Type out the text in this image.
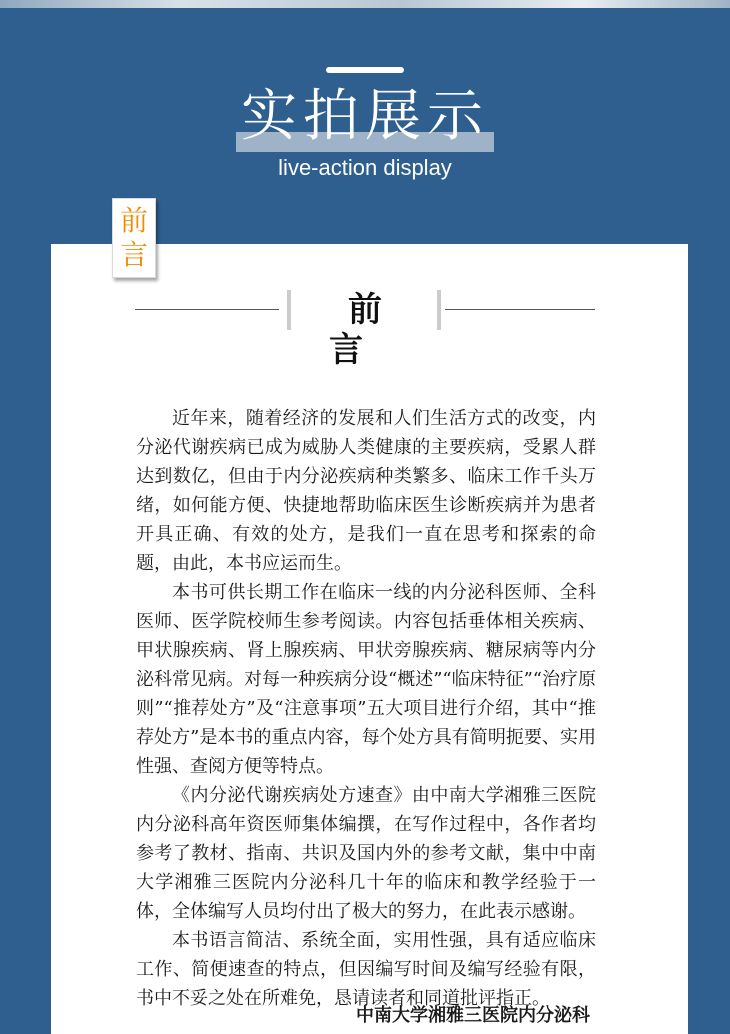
实拍展示
live-action display
前
言
前言

近年来，随着经济的发展和人们生活方式的改变，内分泌代谢疾病已成为威胁人类健康的主要疾病，受累人群达到数亿，但由于内分泌疾病种类繁多、临床工作千头万绪，如何能方便、快捷地帮助临床医生诊断疾病并为患者开具正确、有效的处方，是我们一直在思考和探索的命题，由此，本书应运而生。

本书可供长期工作在临床一线的内分泌科医师、全科医师、医学院校师生参考阅读。内容包括垂体相关疾病、甲状腺疾病、肾上腺疾病、甲状旁腺疾病、糖尿病等内分泌科常见病。对每一种疾病分设“概述”“临床特征”“治疗原则”“推荐处方”及“注意事项”五大项目进行介绍，其中“推荐处方”是本书的重点内容，每个处方具有简明扼要、实用性强、查阅方便等特点。

《内分泌代谢疾病处方速查》由中南大学湘雅三医院内分泌科高年资医师集体编撰，在写作过程中，各作者均参考了教材、指南、共识及国内外的参考文献，集中中南大学湘雅三医院内分泌科几十年的临床和教学经验于一体，全体编写人员均付出了极大的努力，在此表示感谢。

本书语言简洁、系统全面，实用性强，具有适应临床工作、简便速查的特点，但因编写时间及编写经验有限，书中不妥之处在所难免，恳请读者和同道批评指正。

中南大学湘雅三医院内分泌科
